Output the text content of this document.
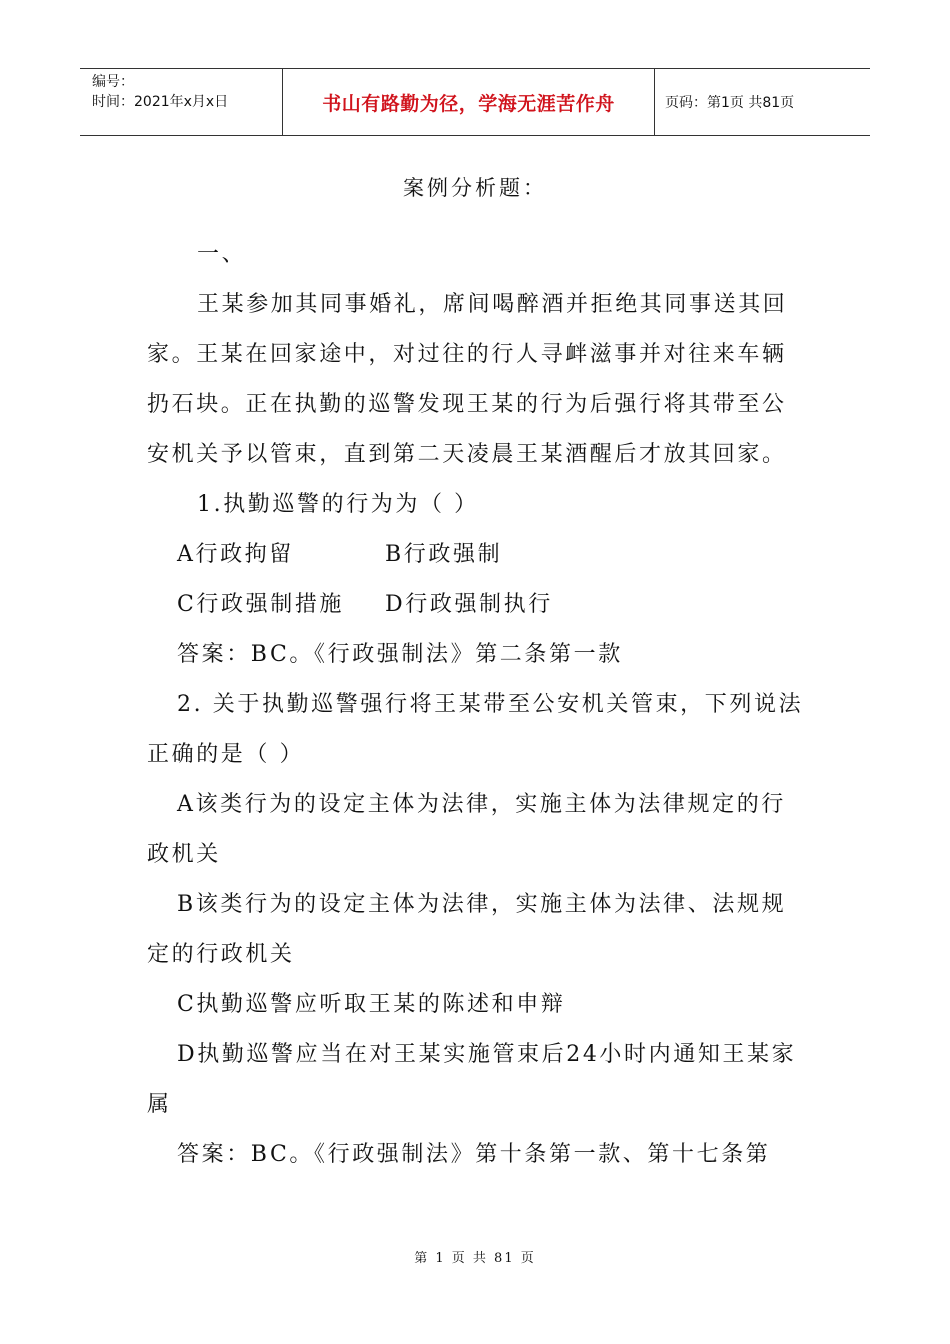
编号：
时间：2021年x月x日	书山有路勤为径，学海无涯苦作舟	页码：第1页 共81页
案例分析题：

一、

王某参加其同事婚礼，席间喝醉酒并拒绝其同事送其回家。王某在回家途中，对过往的行人寻衅滋事并对往来车辆扔石块。正在执勤的巡警发现王某的行为后强行将其带至公安机关予以管束，直到第二天凌晨王某酒醒后才放其回家。

1.执勤巡警的行为为（ ）

A行政拘留	B行政强制
C行政强制措施	D行政强制执行

答案：BC。《行政强制法》第二条第一款

2. 关于执勤巡警强行将王某带至公安机关管束，下列说法正确的是（ ）

A该类行为的设定主体为法律，实施主体为法律规定的行政机关

B该类行为的设定主体为法律，实施主体为法律、法规规定的行政机关

C执勤巡警应听取王某的陈述和申辩

D执勤巡警应当在对王某实施管束后24小时内通知王某家属

答案：BC。《行政强制法》第十条第一款、第十七条第

第 1 页 共 81 页
